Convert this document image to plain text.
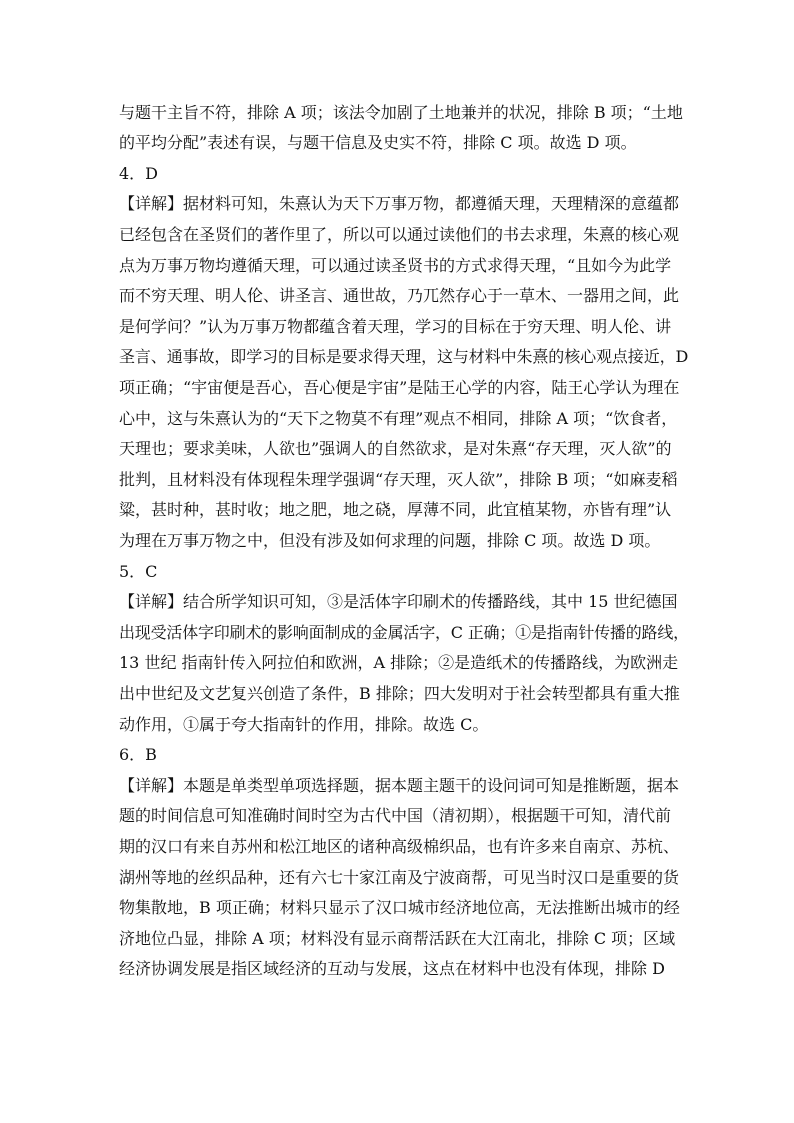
与题干主旨不符，排除 A 项；该法令加剧了土地兼并的状况，排除 B 项；“土地
的平均分配”表述有误，与题干信息及史实不符，排除 C 项。故选 D 项。
4．D
【详解】据材料可知，朱熹认为天下万事万物，都遵循天理，天理精深的意蕴都
已经包含在圣贤们的著作里了，所以可以通过读他们的书去求理，朱熹的核心观
点为万事万物均遵循天理，可以通过读圣贤书的方式求得天理，“且如今为此学
而不穷天理、明人伦、讲圣言、通世故，乃兀然存心于一草木、一器用之间，此
是何学问？”认为万事万物都蕴含着天理，学习的目标在于穷天理、明人伦、讲
圣言、通事故，即学习的目标是要求得天理，这与材料中朱熹的核心观点接近，D
项正确；“宇宙便是吾心，吾心便是宇宙”是陆王心学的内容，陆王心学认为理在
心中，这与朱熹认为的“天下之物莫不有理”观点不相同，排除 A 项；“饮食者，
天理也；要求美味，人欲也”强调人的自然欲求，是对朱熹“存天理，灭人欲”的
批判，且材料没有体现程朱理学强调“存天理，灭人欲”，排除 B 项；“如麻麦稻
粱，甚时种，甚时收；地之肥，地之硗，厚薄不同，此宜植某物，亦皆有理”认
为理在万事万物之中，但没有涉及如何求理的问题，排除 C 项。故选 D 项。
5．C
【详解】结合所学知识可知，③是活体字印刷术的传播路线，其中 15 世纪德国
出现受活体字印刷术的影响面制成的金属活字，C 正确；①是指南针传播的路线，
13 世纪 指南针传入阿拉伯和欧洲，A 排除；②是造纸术的传播路线，为欧洲走
出中世纪及文艺复兴创造了条件，B 排除；四大发明对于社会转型都具有重大推
动作用，①属于夸大指南针的作用，排除。故选 C。
6．B
【详解】本题是单类型单项选择题，据本题主题干的设问词可知是推断题，据本
题的时间信息可知准确时间时空为古代中国（清初期），根据题干可知，清代前
期的汉口有来自苏州和松江地区的诸种高级棉织品，也有许多来自南京、苏杭、
湖州等地的丝织品种，还有六七十家江南及宁波商帮，可见当时汉口是重要的货
物集散地，B 项正确；材料只显示了汉口城市经济地位高，无法推断出城市的经
济地位凸显，排除 A 项；材料没有显示商帮活跃在大江南北，排除 C 项；区域
经济协调发展是指区域经济的互动与发展，这点在材料中也没有体现，排除 D
